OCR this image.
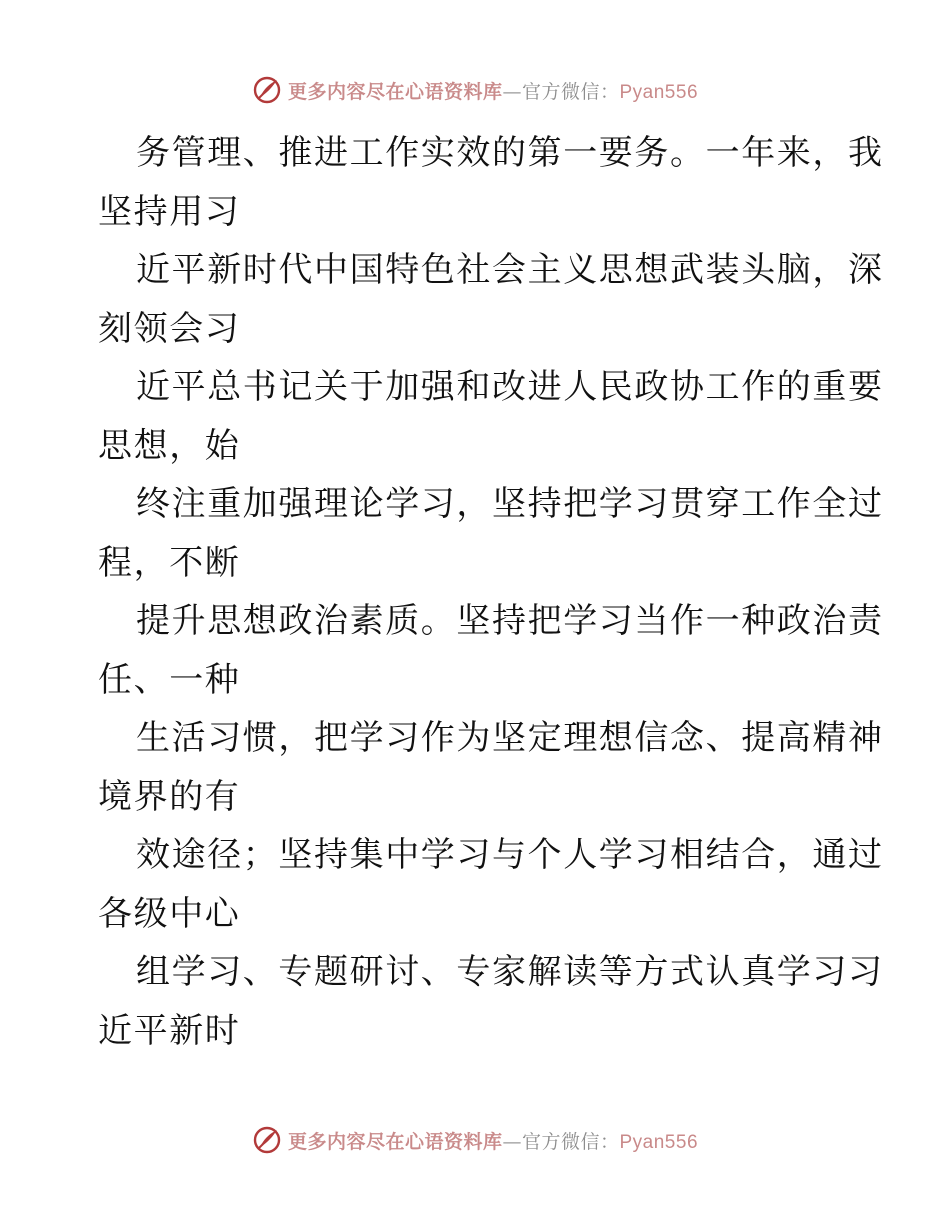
更多内容尽在心语资料库—官方微信：Pyan556
务管理、推进工作实效的第一要务。一年来，我
坚持用习
近平新时代中国特色社会主义思想武装头脑，深
刻领会习
近平总书记关于加强和改进人民政协工作的重要
思想，始
终注重加强理论学习，坚持把学习贯穿工作全过
程，不断
提升思想政治素质。坚持把学习当作一种政治责
任、一种
生活习惯，把学习作为坚定理想信念、提高精神
境界的有
效途径；坚持集中学习与个人学习相结合，通过
各级中心
组学习、专题研讨、专家解读等方式认真学习习
近平新时
更多内容尽在心语资料库—官方微信：Pyan556
